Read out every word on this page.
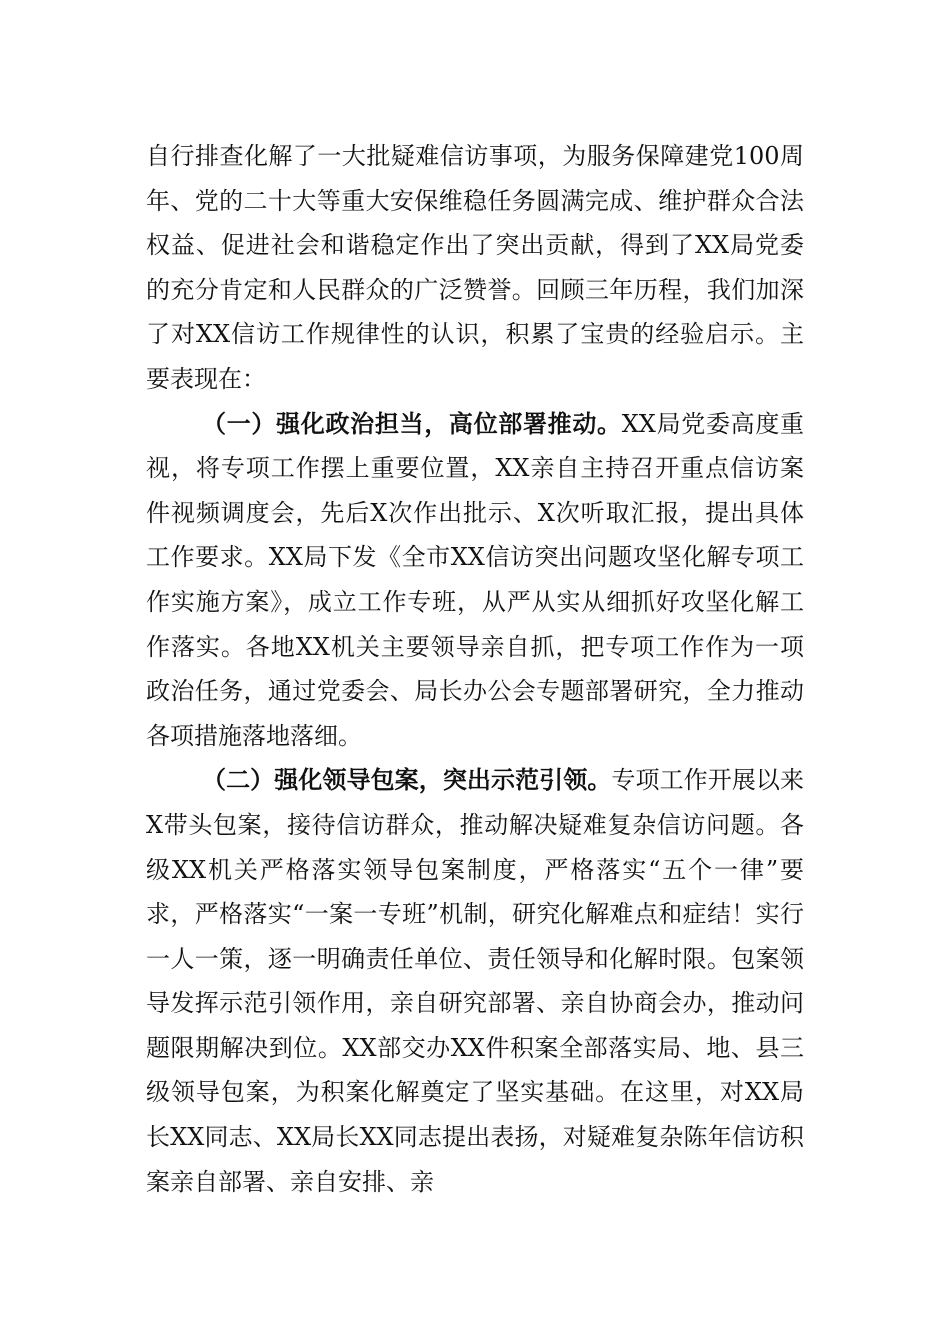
自行排查化解了一大批疑难信访事项，为服务保障建党100周年、党的二十大等重大安保维稳任务圆满完成、维护群众合法权益、促进社会和谐稳定作出了突出贡献，得到了XX局党委的充分肯定和人民群众的广泛赞誉。回顾三年历程，我们加深了对XX信访工作规律性的认识，积累了宝贵的经验启示。主要表现在：

（一）强化政治担当，高位部署推动。XX局党委高度重视，将专项工作摆上重要位置，XX亲自主持召开重点信访案件视频调度会，先后X次作出批示、X次听取汇报，提出具体工作要求。XX局下发《全市XX信访突出问题攻坚化解专项工作实施方案》，成立工作专班，从严从实从细抓好攻坚化解工作落实。各地XX机关主要领导亲自抓，把专项工作作为一项政治任务，通过党委会、局长办公会专题部署研究，全力推动各项措施落地落细。

（二）强化领导包案，突出示范引领。专项工作开展以来X带头包案，接待信访群众，推动解决疑难复杂信访问题。各级XX机关严格落实领导包案制度，严格落实“五个一律”要求，严格落实“一案一专班”机制，研究化解难点和症结！实行一人一策，逐一明确责任单位、责任领导和化解时限。包案领导发挥示范引领作用，亲自研究部署、亲自协商会办，推动问题限期解决到位。XX部交办XX件积案全部落实局、地、县三级领导包案，为积案化解奠定了坚实基础。在这里，对XX局长XX同志、XX局长XX同志提出表扬，对疑难复杂陈年信访积案亲自部署、亲自安排、亲
